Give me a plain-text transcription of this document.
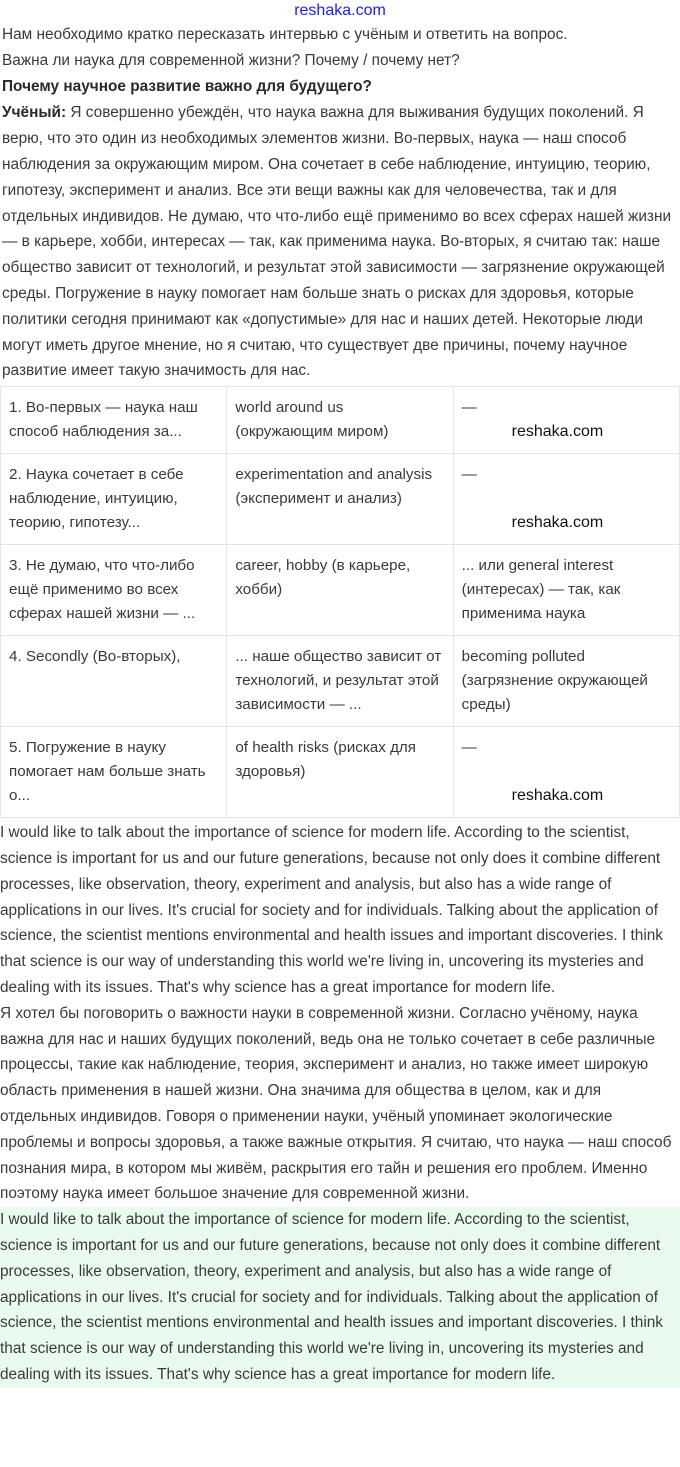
reshaka.com

Нам необходимо кратко пересказать интервью с учёным и ответить на вопрос.

Важна ли наука для современной жизни? Почему / почему нет?

Почему научное развитие важно для будущего?

Учёный: Я совершенно убеждён, что наука важна для выживания будущих поколений. Я верю, что это один из необходимых элементов жизни. Во-первых, наука — наш способ наблюдения за окружающим миром. Она сочетает в себе наблюдение, интуицию, теорию, гипотезу, эксперимент и анализ. Все эти вещи важны как для человечества, так и для отдельных индивидов. Не думаю, что что-либо ещё применимо во всех сферах нашей жизни — в карьере, хобби, интересах — так, как применима наука. Во-вторых, я считаю так: наше общество зависит от технологий, и результат этой зависимости — загрязнение окружающей среды. Погружение в науку помогает нам больше знать о рисках для здоровья, которые политики сегодня принимают как «допустимые» для нас и наших детей. Некоторые люди могут иметь другое мнение, но я считаю, что существует две причины, почему научное развитие имеет такую значимость для нас.

1. Во-первых — наука наш способ наблюдения за...	world around us (окружающим миром)	—
reshaka.com

2. Наука сочетает в себе наблюдение, интуицию, теорию, гипотезу...	experimentation and analysis (эксперимент и анализ)	—
reshaka.com

3. Не думаю, что что-либо ещё применимо во всех сферах нашей жизни — ...	career, hobby (в карьере, хобби)	... или general interest (интересах) — так, как применима наука
4. Secondly (Во-вторых),	... наше общество зависит от технологий, и результат этой зависимости — ...	becoming polluted (загрязнение окружающей среды)
5. Погружение в науку помогает нам больше знать о...	of health risks (рисках для здоровья)	—
reshaka.com

I would like to talk about the importance of science for modern life. According to the scientist, science is important for us and our future generations, because not only does it combine different processes, like observation, theory, experiment and analysis, but also has a wide range of applications in our lives. It's crucial for society and for individuals. Talking about the application of science, the scientist mentions environmental and health issues and important discoveries. I think that science is our way of understanding this world we're living in, uncovering its mysteries and dealing with its issues. That's why science has a great importance for modern life.

Я хотел бы поговорить о важности науки в современной жизни. Согласно учёному, наука важна для нас и наших будущих поколений, ведь она не только сочетает в себе различные процессы, такие как наблюдение, теория, эксперимент и анализ, но также имеет широкую область применения в нашей жизни. Она значима для общества в целом, как и для отдельных индивидов. Говоря о применении науки, учёный упоминает экологические проблемы и вопросы здоровья, а также важные открытия. Я считаю, что наука — наш способ познания мира, в котором мы живём, раскрытия его тайн и решения его проблем. Именно поэтому наука имеет большое значение для современной жизни.

I would like to talk about the importance of science for modern life. According to the scientist, science is important for us and our future generations, because not only does it combine different processes, like observation, theory, experiment and analysis, but also has a wide range of applications in our lives. It's crucial for society and for individuals. Talking about the application of science, the scientist mentions environmental and health issues and important discoveries. I think that science is our way of understanding this world we're living in, uncovering its mysteries and dealing with its issues. That's why science has a great importance for modern life.
